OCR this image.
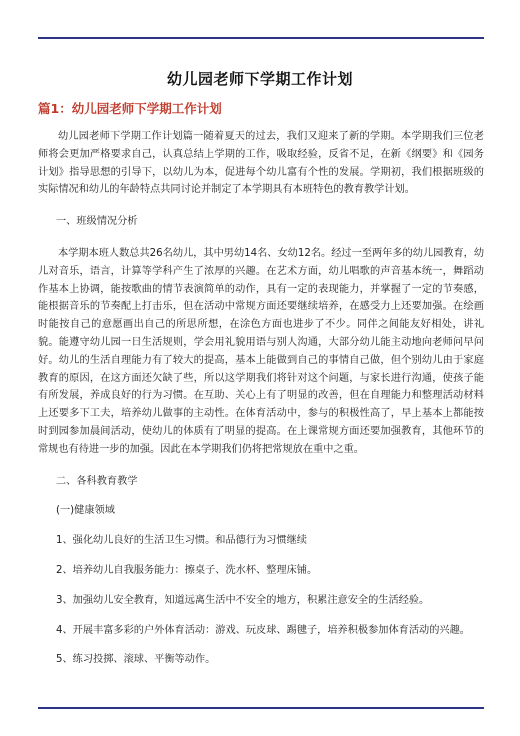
幼儿园老师下学期工作计划
篇1：幼儿园老师下学期工作计划

幼儿园老师下学期工作计划篇一随着夏天的过去，我们又迎来了新的学期。本学期我们三位老师将会更加严格要求自己，认真总结上学期的工作，吸取经验，反省不足，在新《纲要》和《园务计划》指导思想的引导下，以幼儿为本，促进每个幼儿富有个性的发展。学期初，我们根据班级的实际情况和幼儿的年龄特点共同讨论并制定了本学期具有本班特色的教育教学计划。

一、班级情况分析

本学期本班人数总共26名幼儿，其中男幼14名、女幼12名。经过一至两年多的幼儿园教育，幼儿对音乐，语言，计算等学科产生了浓厚的兴趣。在艺术方面，幼儿唱歌的声音基本统一，舞蹈动作基本上协调，能按歌曲的情节表演简单的动作，具有一定的表现能力，并掌握了一定的节奏感，能根据音乐的节奏配上打击乐，但在活动中常规方面还要继续培养，在感受力上还要加强。在绘画时能按自己的意愿画出自己的所思所想，在涂色方面也进步了不少。同伴之间能友好相处，讲礼貌。能遵守幼儿园一日生活规则，学会用礼貌用语与别人沟通，大部分幼儿能主动地向老师问早问好。幼儿的生活自理能力有了较大的提高，基本上能做到自己的事情自己做，但个别幼儿由于家庭教育的原因，在这方面还欠缺了些，所以这学期我们将针对这个问题，与家长进行沟通，使孩子能有所发展，养成良好的行为习惯。在互助、关心上有了明显的改善，但在自理能力和整理活动材料上还要多下工夫，培养幼儿做事的主动性。在体育活动中，参与的积极性高了，早上基本上都能按时到园参加晨间活动，使幼儿的体质有了明显的提高。在上课常规方面还要加强教育，其他环节的常规也有待进一步的加强。因此在本学期我们仍将把常规放在重中之重。

二、各科教育教学

(一)健康领域

1、强化幼儿良好的生活卫生习惯。和品德行为习惯继续

2、培养幼儿自我服务能力：擦桌子、洗水杯、整理床铺。

3、加强幼儿安全教育，知道远离生活中不安全的地方，积累注意安全的生活经验。

4、开展丰富多彩的户外体育活动：游戏、玩皮球、踢毽子，培养积极参加体育活动的兴趣。

5、练习投掷、滚球、平衡等动作。
